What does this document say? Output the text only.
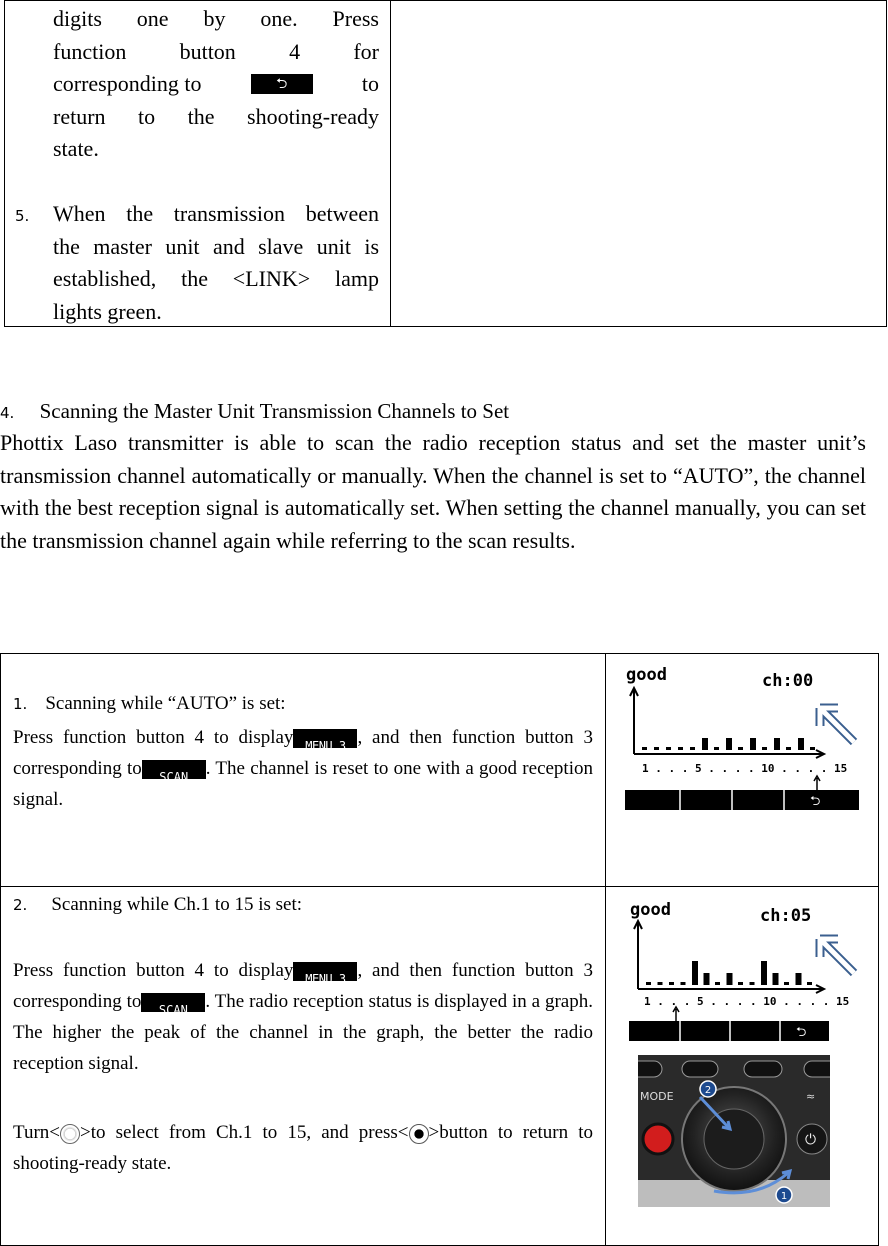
digits one by one. Press
function button 4 for
corresponding to ⮌	to
return to the shooting-ready
state.
5. When the transmission between
the master unit and slave unit is
established, the <LINK> lamp
lights green.
4. Scanning the Master Unit Transmission Channels to Set
Phottix Laso transmitter is able to scan the radio reception status and set the master unit’s transmission channel automatically or manually. When the channel is set to “AUTO”, the channel with the best reception signal is automatically set. When setting the channel manually, you can set the transmission channel again while referring to the scan results.
1. Scanning while “AUTO” is set:
Press function button 4 to display MENU 3	, and then function button 3 corresponding to SCAN	. The channel is reset to one with a good reception signal.
good	ch:00
1 . . . 5 . . . . 10 . . . . 15
⮌
2. Scanning while Ch.1 to 15 is set:
Press function button 4 to display MENU 3	, and then function button 3 corresponding to SCAN	. The radio reception status is displayed in a graph. The higher the peak of the channel in the graph, the better the radio reception signal.
Turn< >to select from Ch.1 to 15, and press< >button to return to shooting-ready state.
good	ch:05
1 . . . 5 . . . . 10 . . . . 15
⮌
MODE	≈
⏻
2
1
